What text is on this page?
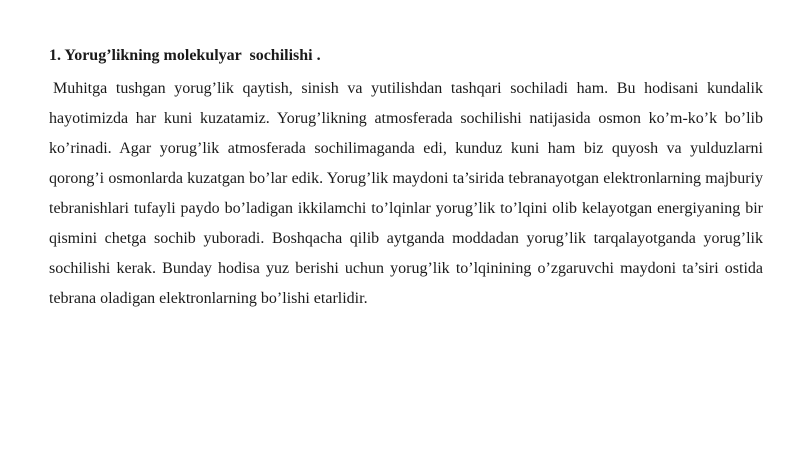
1. Yorug’likning molekulyar  sochilishi .

Muhitga tushgan yorug’lik qaytish, sinish va yutilishdan tashqari sochiladi ham. Bu hodisani kundalik hayotimizda har kuni kuzatamiz. Yorug’likning atmosferada sochilishi natijasida osmon ko’m-ko’k bo’lib ko’rinadi. Agar yorug’lik atmosferada sochilimaganda edi, kunduz kuni ham biz quyosh va yulduzlarni qorong’i osmonlarda kuzatgan bo’lar edik. Yorug’lik maydoni ta’sirida tebranayotgan elektronlarning majburiy tebranishlari tufayli paydo bo’ladigan ikkilamchi to’lqinlar yorug’lik to’lqini olib kelayotgan energiyaning bir qismini chetga sochib yuboradi. Boshqacha qilib aytganda moddadan yorug’lik tarqalayotganda yorug’lik sochilishi kerak. Bunday hodisa yuz berishi uchun yorug’lik to’lqinining o’zgaruvchi maydoni ta’siri ostida tebrana oladigan elektronlarning bo’lishi etarlidir.
